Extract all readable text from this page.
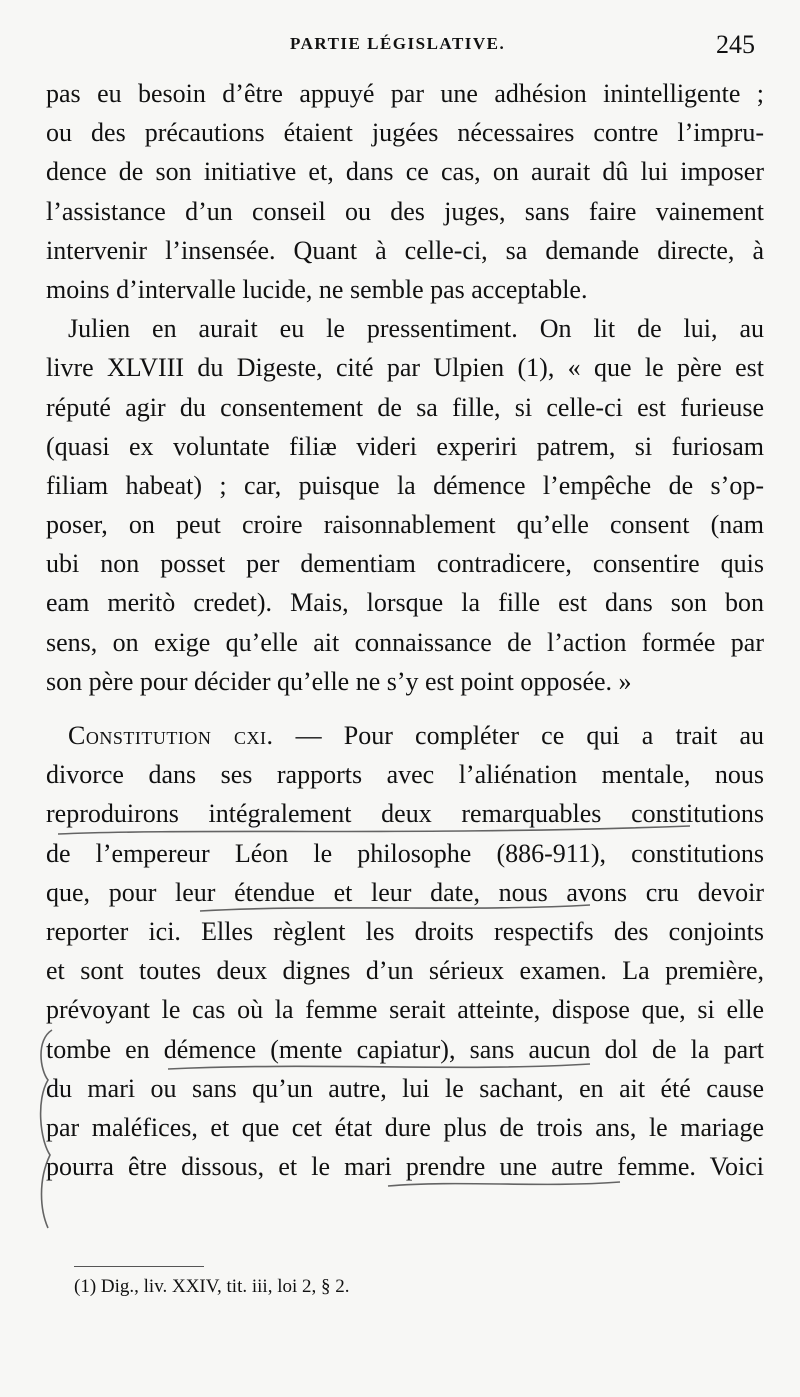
PARTIE LÉGISLATIVE.	245
pas eu besoin d’être appuyé par une adhésion inintelligente ;
ou des précautions étaient jugées nécessaires contre l’impru-
dence de son initiative et, dans ce cas, on aurait dû lui imposer
l’assistance d’un conseil ou des juges, sans faire vainement
intervenir l’insensée. Quant à celle-ci, sa demande directe, à
moins d’intervalle lucide, ne semble pas acceptable.
Julien en aurait eu le pressentiment. On lit de lui, au
livre XLVIII du Digeste, cité par Ulpien (1), « que le père est
réputé agir du consentement de sa fille, si celle-ci est furieuse
(quasi ex voluntate filiæ videri experiri patrem, si furiosam
filiam habeat) ; car, puisque la démence l’empêche de s’op-
poser, on peut croire raisonnablement qu’elle consent (nam
ubi non posset per dementiam contradicere, consentire quis
eam meritò credet). Mais, lorsque la fille est dans son bon
sens, on exige qu’elle ait connaissance de l’action formée par
son père pour décider qu’elle ne s’y est point opposée. »
Constitution cxi. — Pour compléter ce qui a trait au
divorce dans ses rapports avec l’aliénation mentale, nous
reproduirons intégralement deux remarquables constitutions
de l’empereur Léon le philosophe (886-911), constitutions
que, pour leur étendue et leur date, nous avons cru devoir
reporter ici. Elles règlent les droits respectifs des conjoints
et sont toutes deux dignes d’un sérieux examen. La première,
prévoyant le cas où la femme serait atteinte, dispose que, si elle
tombe en démence (mente capiatur), sans aucun dol de la part
du mari ou sans qu’un autre, lui le sachant, en ait été cause
par maléfices, et que cet état dure plus de trois ans, le mariage
pourra être dissous, et le mari prendre une autre femme. Voici
(1) Dig., liv. XXIV, tit. iii, loi 2, § 2.
